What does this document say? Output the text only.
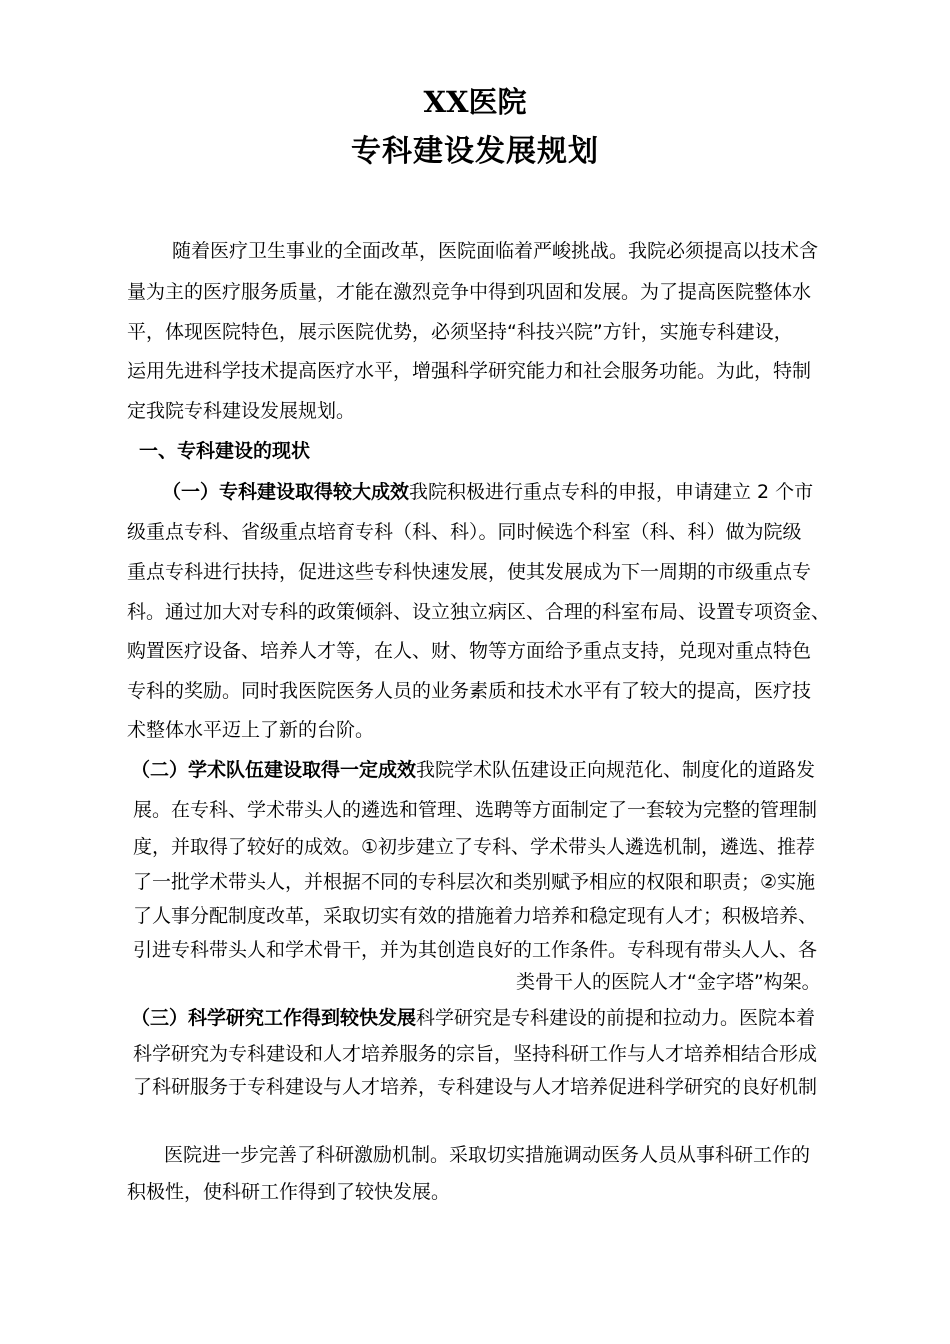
XX医院
专科建设发展规划
随着医疗卫生事业的全面改革，医院面临着严峻挑战。我院必须提高以技术含
量为主的医疗服务质量，才能在激烈竞争中得到巩固和发展。为了提高医院整体水
平，体现医院特色，展示医院优势，必须坚持“科技兴院”方针，实施专科建设，
运用先进科学技术提高医疗水平，增强科学研究能力和社会服务功能。为此，特制
定我院专科建设发展规划。
一、专科建设的现状
（一）专科建设取得较大成效我院积极进行重点专科的申报，申请建立 2 个市
级重点专科、省级重点培育专科（科、科）。同时候选个科室（科、科）做为院级
重点专科进行扶持，促进这些专科快速发展，使其发展成为下一周期的市级重点专
科。通过加大对专科的政策倾斜、设立独立病区、合理的科室布局、设置专项资金、
购置医疗设备、培养人才等，在人、财、物等方面给予重点支持，兑现对重点特色
专科的奖励。同时我医院医务人员的业务素质和技术水平有了较大的提高，医疗技
术整体水平迈上了新的台阶。
（二）学术队伍建设取得一定成效我院学术队伍建设正向规范化、制度化的道路发
展。在专科、学术带头人的遴选和管理、选聘等方面制定了一套较为完整的管理制
度，并取得了较好的成效。①初步建立了专科、学术带头人遴选机制，遴选、推荐
了一批学术带头人，并根据不同的专科层次和类别赋予相应的权限和职责；②实施
了人事分配制度改革，采取切实有效的措施着力培养和稳定现有人才；积极培养、
引进专科带头人和学术骨干，并为其创造良好的工作条件。专科现有带头人人、各
类骨干人的医院人才“金字塔”构架。
（三）科学研究工作得到较快发展科学研究是专科建设的前提和拉动力。医院本着
科学研究为专科建设和人才培养服务的宗旨，坚持科研工作与人才培养相结合形成
了科研服务于专科建设与人才培养，专科建设与人才培养促进科学研究的良好机制
医院进一步完善了科研激励机制。采取切实措施调动医务人员从事科研工作的
积极性，使科研工作得到了较快发展。
